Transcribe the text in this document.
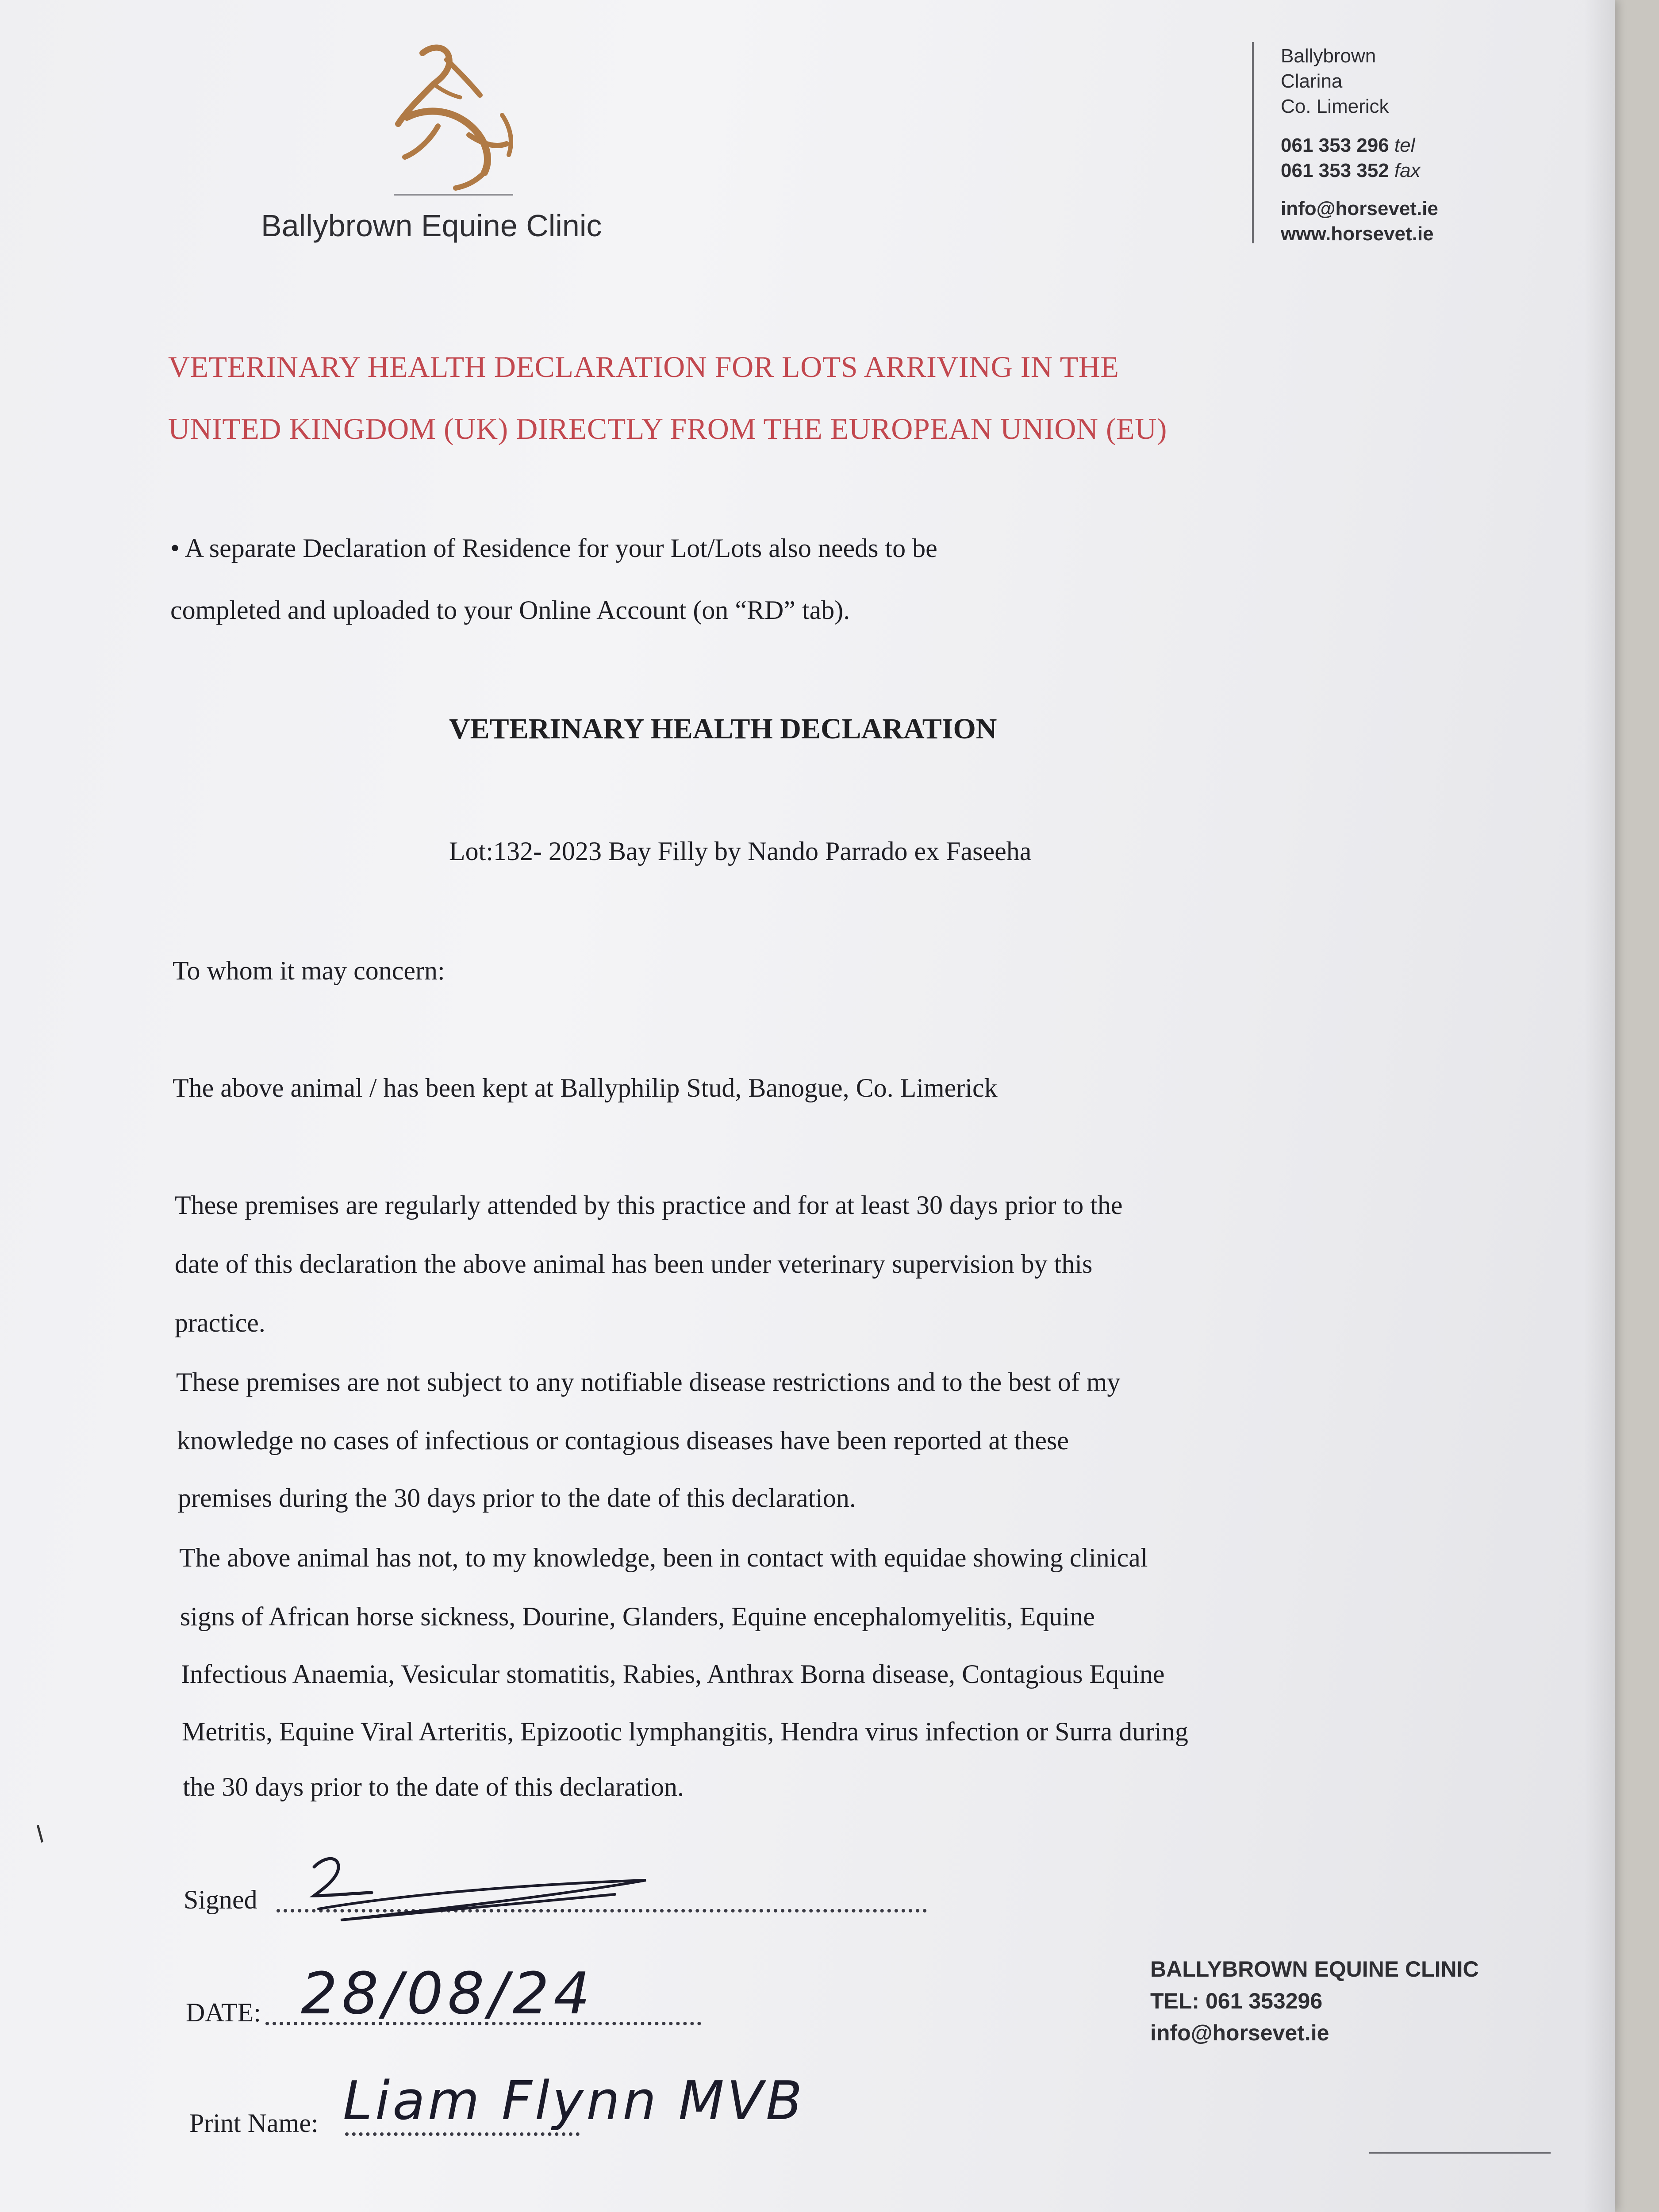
Ballybrown Equine Clinic
Ballybrown
Clarina
Co. Limerick
061 353 296 tel
061 353 352 fax
info@horsevet.ie
www.horsevet.ie
VETERINARY HEALTH DECLARATION FOR LOTS ARRIVING IN THE
UNITED KINGDOM (UK) DIRECTLY FROM THE EUROPEAN UNION (EU)
• A separate Declaration of Residence for your Lot/Lots also needs to be
completed and uploaded to your Online Account (on “RD” tab).
VETERINARY HEALTH DECLARATION
Lot:132- 2023 Bay Filly by Nando Parrado ex Faseeha
To whom it may concern:
The above animal / has been kept at Ballyphilip Stud, Banogue, Co. Limerick
These premises are regularly attended by this practice and for at least 30 days prior to the
date of this declaration the above animal has been under veterinary supervision by this
practice.
These premises are not subject to any notifiable disease restrictions and to the best of my
knowledge no cases of infectious or contagious diseases have been reported at these
premises during the 30 days prior to the date of this declaration.
The above animal has not, to my knowledge, been in contact with equidae showing clinical
signs of African horse sickness, Dourine, Glanders, Equine encephalomyelitis, Equine
Infectious Anaemia, Vesicular stomatitis, Rabies, Anthrax Borna disease, Contagious Equine
Metritis, Equine Viral Arteritis, Epizootic lymphangitis, Hendra virus infection or Surra during
the 30 days prior to the date of this declaration.
Signed
DATE: 28/08/24
Print Name: Liam Flynn MVB
BALLYBROWN EQUINE CLINIC
TEL: 061 353296
info@horsevet.ie
